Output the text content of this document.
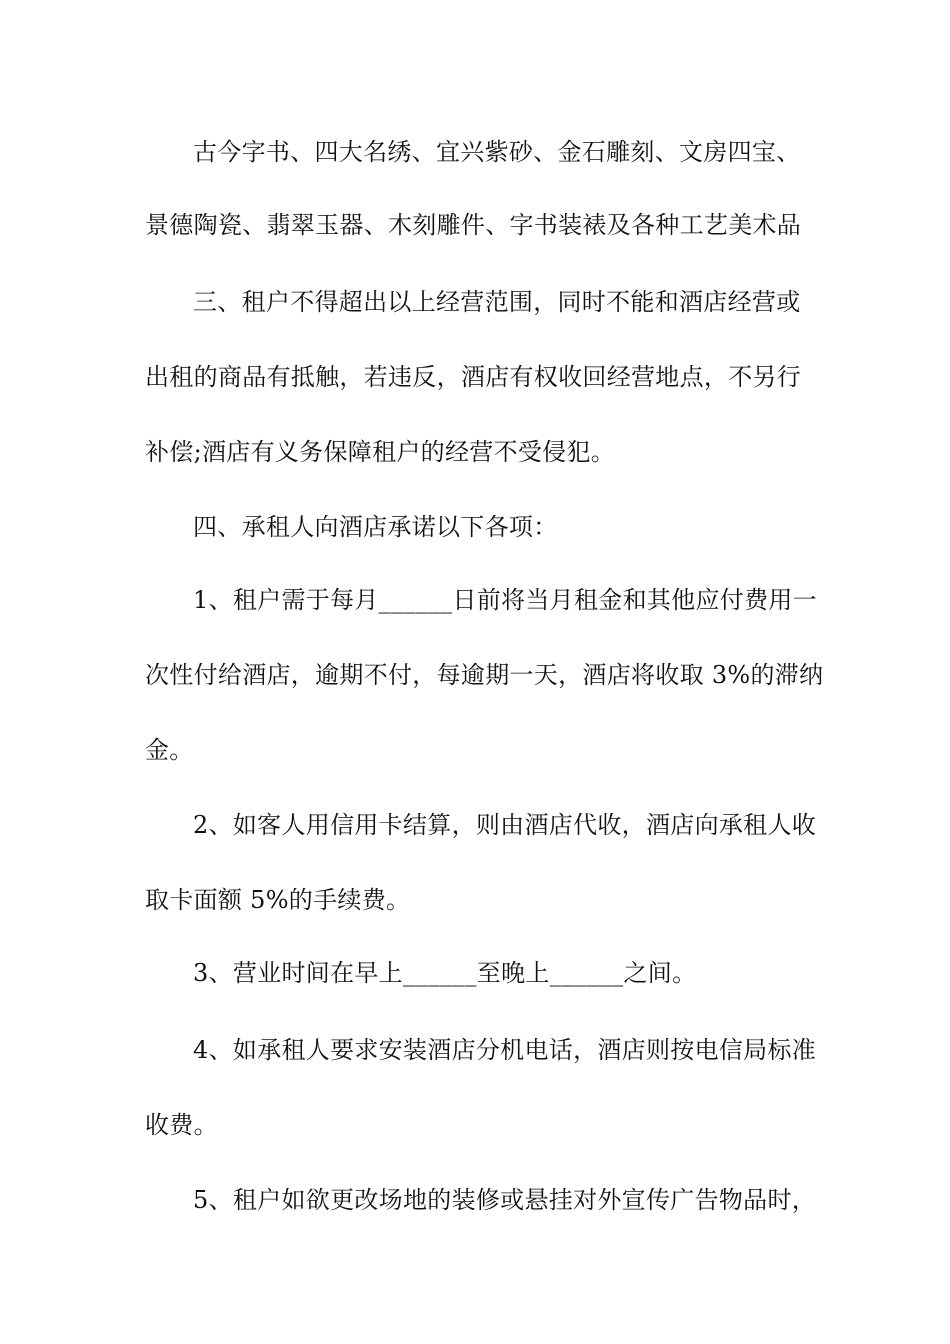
古今字书、四大名绣、宜兴紫砂、金石雕刻、文房四宝、
景德陶瓷、翡翠玉器、木刻雕件、字书装裱及各种工艺美术品
三、租户不得超出以上经营范围，同时不能和酒店经营或
出租的商品有抵触，若违反，酒店有权收回经营地点，不另行
补偿;酒店有义务保障租户的经营不受侵犯。
四、承租人向酒店承诺以下各项：
1、租户需于每月______日前将当月租金和其他应付费用一
次性付给酒店，逾期不付，每逾期一天，酒店将收取 3%的滞纳
金。
2、如客人用信用卡结算，则由酒店代收，酒店向承租人收
取卡面额 5%的手续费。
3、营业时间在早上______至晚上______之间。
4、如承租人要求安装酒店分机电话，酒店则按电信局标准
收费。
5、租户如欲更改场地的装修或悬挂对外宣传广告物品时，
